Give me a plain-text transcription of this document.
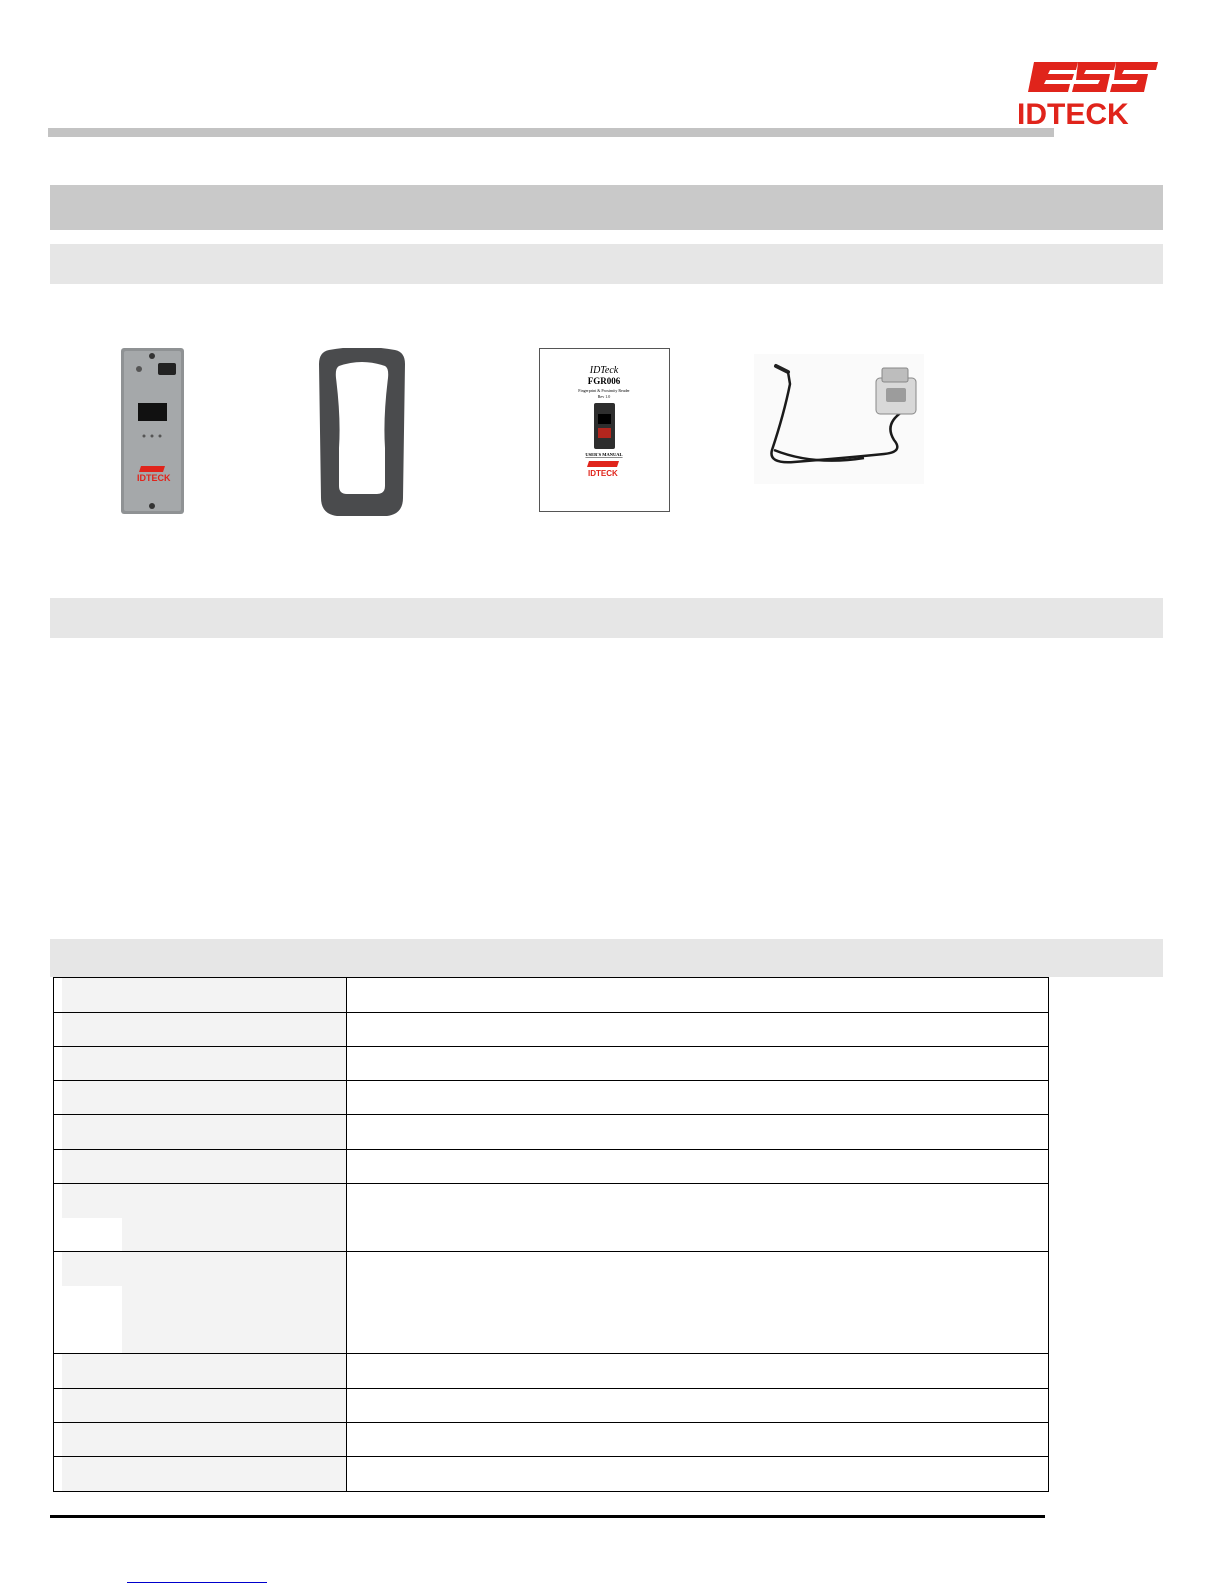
IDTECK
IDTECK
IDTeck
FGR006
Fingerprint & Proximity Reader
Rev 1.0
USER'S MANUAL
IDTECK
